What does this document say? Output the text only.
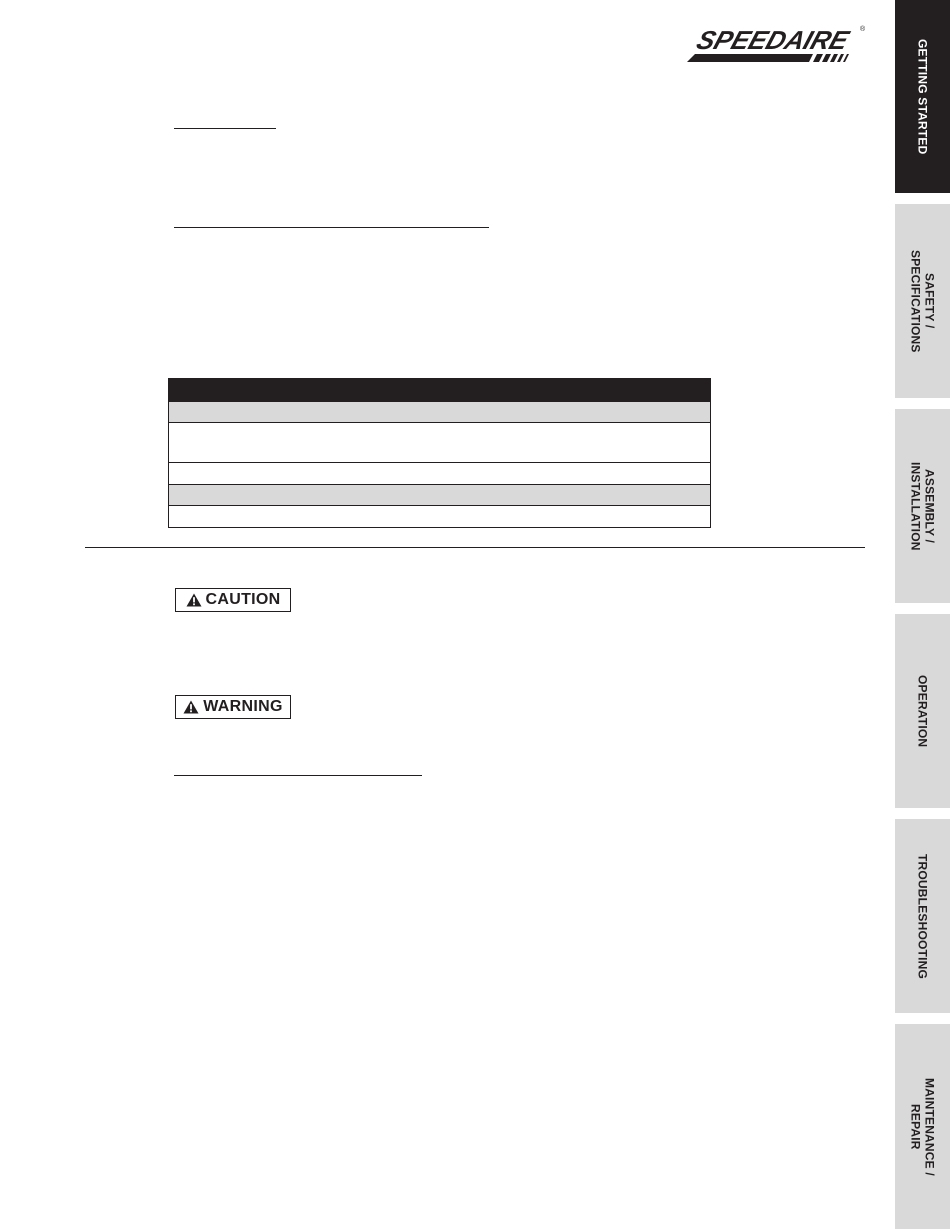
SPEEDAIRE ®
CAUTION
WARNING
GETTING STARTED
SAFETY /
SPECIFICATIONS
ASSEMBLY /
INSTALLATION
OPERATION
TROUBLESHOOTING
MAINTENANCE /
REPAIR
